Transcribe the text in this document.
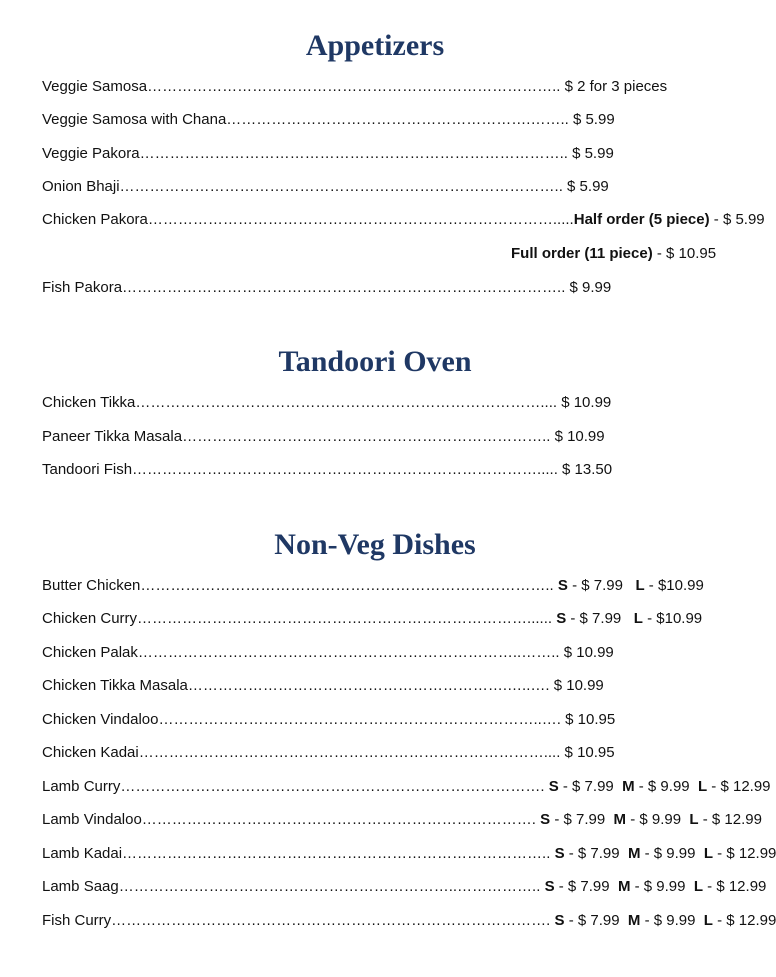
Appetizers
Veggie Samosa……………………………………………………………………….. $ 2 for 3 pieces
Veggie Samosa with Chana…………………………………………………….…….. $ 5.99
Veggie Pakora………………………………………………………………………….. $ 5.99
Onion Bhaji…………………………………………………………………………….. $ 5.99
Chicken Pakora……………………………………………………………………….....Half order (5 piece) - $ 5.99
Full order (11 piece) - $ 10.95
Fish Pakora…………………………………………………………………………….. $ 9.99
Tandoori Oven
Chicken Tikka……………………………………………………………………….... $ 10.99
Paneer Tikka Masala……………………………………………………………….. $ 10.99
Tandoori Fish………………………………………………………………………..... $ 13.50
Non-Veg Dishes
Butter Chicken……………………………………………………………………….. S - $ 7.99   L - $10.99
Chicken Curry……………………………………………………………………...... S - $ 7.99   L - $10.99
Chicken Palak…………………………………………………………………..…….. $ 10.99
Chicken Tikka Masala……………………………………………………….…..…. $ 10.99
Chicken Vindaloo…………………………………………………………………..…. $ 10.95
Chicken Kadai……………………………………………………………………….... $ 10.95
Lamb Curry…………………………………………………………………………. S - $ 7.99  M - $ 9.99  L - $ 12.99
Lamb Vindaloo……………………………………………………………………. S - $ 7.99  M - $ 9.99  L - $ 12.99
Lamb Kadai………………………………………………………………………….. S - $ 7.99  M - $ 9.99  L - $ 12.99
Lamb Saag…………………………………………………………..…………….. S - $ 7.99  M - $ 9.99  L - $ 12.99
Fish Curry……………………………………………………………………………. S - $ 7.99  M - $ 9.99  L - $ 12.99
